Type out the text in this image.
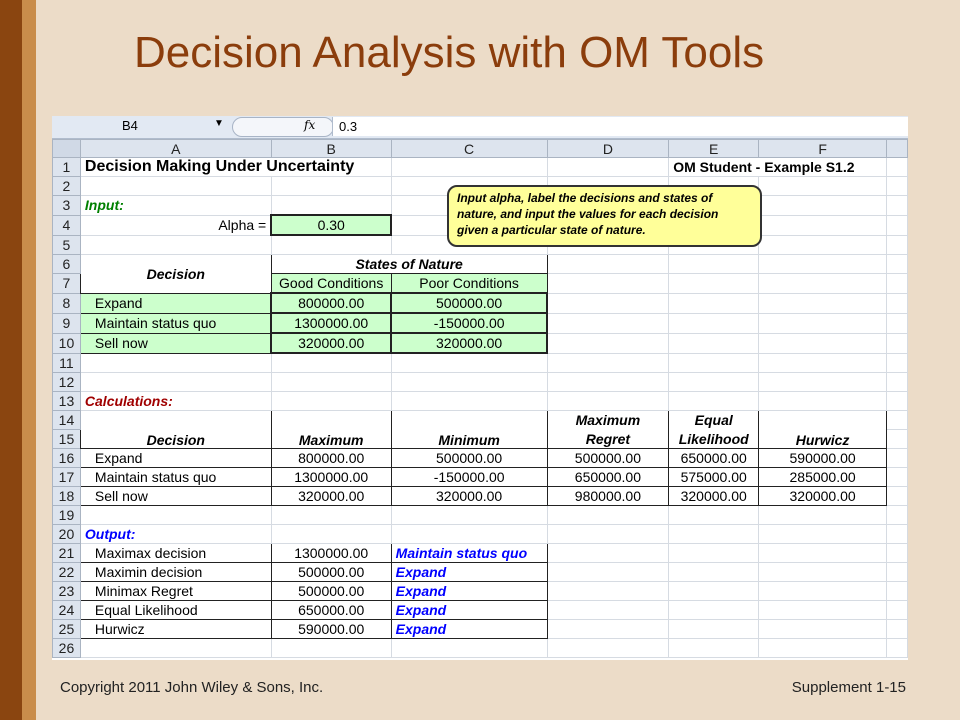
Decision Analysis with OM Tools
B4	▼	fx	0.3
	A	B	C	D	E	F	
1	Decision Making Under Uncertainty				OM Student - Example S1.2		
2							
3	Input:						
4	Alpha =	0.30					
5							
6	Decision	States of Nature					
7		Good Conditions	Poor Conditions				
8	Expand	800000.00	500000.00				
9	Maintain status quo	1300000.00	-150000.00				
10	Sell now	320000.00	320000.00				
11							
12							
13	Calculations:						
14	Decision	Maximum	Minimum	Maximum	Equal	Hurwicz	
15				Regret	Likelihood		
16	Expand	800000.00	500000.00	500000.00	650000.00	590000.00	
17	Maintain status quo	1300000.00	-150000.00	650000.00	575000.00	285000.00	
18	Sell now	320000.00	320000.00	980000.00	320000.00	320000.00	
19							
20	Output:						
21	Maximax decision	1300000.00	Maintain status quo				
22	Maximin decision	500000.00	Expand				
23	Minimax Regret	500000.00	Expand				
24	Equal Likelihood	650000.00	Expand				
25	Hurwicz	590000.00	Expand				
26							
Input alpha, label the decisions and states of nature, and input the values for each decision given a particular state of nature.
Copyright 2011 John Wiley & Sons, Inc.	Supplement 1-15
